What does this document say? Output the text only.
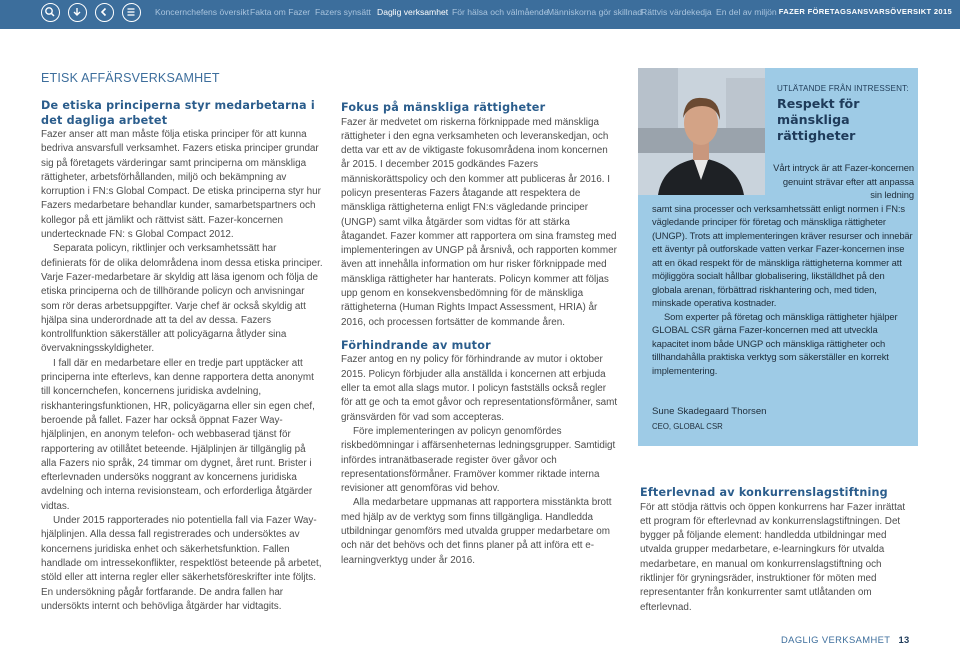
Koncernchefens översikt Fakta om Fazer Fazers synsätt Daglig verksamhet För hälsa och välmående
Människorna gör skillnad
Rättvis värdekedja En del av miljön FAZER FÖRETAGSANSVARSÖVERSIKT 2015
ETISK AFFÄRSVERKSAMHET
De etiska principerna styr medarbetarna i det dagliga arbetet

Fazer anser att man måste följa etiska principer för att kunna bedriva ansvarsfull verksamhet. Fazers etiska principer grundar sig på företagets värderingar samt principerna om mänskliga rättigheter, arbetsförhållanden, miljö och bekämpning av korruption i FN:s Global Compact. De etiska principerna styr hur Fazers medarbetare behandlar kunder, samarbetspartners och kollegor på ett jämlikt och rättvist sätt. Fazer-koncernen undertecknade FN: s Global Compact 2012.

Separata policyn, riktlinjer och verksamhetssätt har definierats för de olika delområdena inom dessa etiska principer. Varje Fazer-medarbetare är skyldig att läsa igenom och följa de etiska principerna och de tillhörande policyn och anvisningar som rör deras arbetsuppgifter. Varje chef är också skyldig att hjälpa sina underordnade att ta del av dessa. Fazers kontrollfunktion säkerställer att policyägarna åtlyder sina övervakningsskyldigheter.

I fall där en medarbetare eller en tredje part upptäcker att principerna inte efterlevs, kan denne rapportera detta anonymt till koncernchefen, koncernens juridiska avdelning, riskhanteringsfunktionen, HR, policyägarna eller sin egen chef, beroende på fallet. Fazer har också öppnat Fazer Way-hjälplinjen, en anonym telefon- och webbaserad tjänst för rapportering av otillåtet beteende. Hjälplinjen är tillgänglig på alla Fazers nio språk, 24 timmar om dygnet, året runt. Brister i efterlevnaden undersöks noggrant av koncernens juridiska avdelning och interna revisionsteam, och erforderliga åtgärder vidtas.

Under 2015 rapporterades nio potentiella fall via Fazer Way-hjälplinjen. Alla dessa fall registrerades och undersöktes av koncernens juridiska enhet och säkerhetsfunktion. Fallen handlade om intressekonflikter, respektlöst beteende på arbetet, stöld eller att interna regler eller säkerhetsföreskrifter inte följts. En undersökning pågår fortfarande. De andra fallen har undersökts internt och behövliga åtgärder har vidtagits.

Fokus på mänskliga rättigheter

Fazer är medvetet om riskerna förknippade med mänskliga rättigheter i den egna verksamheten och leveranskedjan, och detta var ett av de viktigaste fokusområdena inom koncernen år 2015. I december 2015 godkändes Fazers människorättspolicy och den kommer att publiceras år 2016. I policyn presenteras Fazers åtagande att respektera de mänskliga rättigheterna enligt FN:s vägledande principer (UNGP) samt vilka åtgärder som vidtas för att stärka åtagandet. Fazer kommer att rapportera om sina framsteg med implementeringen av UNGP på årsnivå, och rapporten kommer även att innehålla information om hur risker förknippade med mänskliga rättigheter har hanterats. Policyn kommer att följas upp genom en konsekvensbedömning för de mänskliga rättigheterna (Human Rights Impact Assessment, HRIA) år 2016, och processen fortsätter de kommande åren.

Förhindrande av mutor

Fazer antog en ny policy för förhindrande av mutor i oktober 2015. Policyn förbjuder alla anställda i koncernen att erbjuda eller ta emot alla slags mutor. I policyn fastställs också regler för att ge och ta emot gåvor och representationsförmåner, samt gränsvärden för vad som accepteras.

Före implementeringen av policyn genomfördes riskbedömningar i affärsenheternas ledningsgrupper. Samtidigt infördes intranätbaserade register över gåvor och representationsförmåner. Framöver kommer riktade interna revisioner att genomföras vid behov.

Alla medarbetare uppmanas att rapportera misstänkta brott med hjälp av de verktyg som finns tillgängliga. Handledda utbildningar genomförs med utvalda grupper medarbetare om och när det behövs och det finns planer på att införa ett e-learningverktyg under år 2016.

UTLÄTANDE FRÅN INTRESSENT:
Respekt för mänskliga rättigheter

Vårt intryck är att Fazer-koncernen genuint strävar efter att anpassa sin ledning

samt sina processer och verksamhetssätt enligt normen i FN:s vägledande principer för företag och mänskliga rättigheter (UNGP). Trots att implementeringen kräver resurser och innebär ett äventyr på outforskade vatten verkar Fazer-koncernen inse att en ökad respekt för de mänskliga rättigheterna kommer att möjliggöra socialt hållbar globalisering, likställdhet på den globala arenan, förbättrad riskhantering och, med tiden, minskade operativa kostnader.

Som experter på företag och mänskliga rättigheter hjälper GLOBAL CSR gärna Fazer-koncernen med att utveckla kapacitet inom både UNGP och mänskliga rättigheter och tillhandahålla praktiska verktyg som säkerställer en korrekt implementering.

Sune Skadegaard Thorsen
CEO, GLOBAL CSR
Efterlevnad av konkurrenslagstiftning

För att stödja rättvis och öppen konkurrens har Fazer inrättat ett program för efterlevnad av konkurrenslagstiftningen. Det bygger på följande element: handledda utbildningar med utvalda grupper medarbetare, e-learningkurs för utvalda medarbetare, en manual om konkurrenslagstiftning och riktlinjer för gryningsräder, instruktioner för möten med representanter från konkurrenter samt utlåtanden om efterlevnad.

DAGLIG VERKSAMHET 13
